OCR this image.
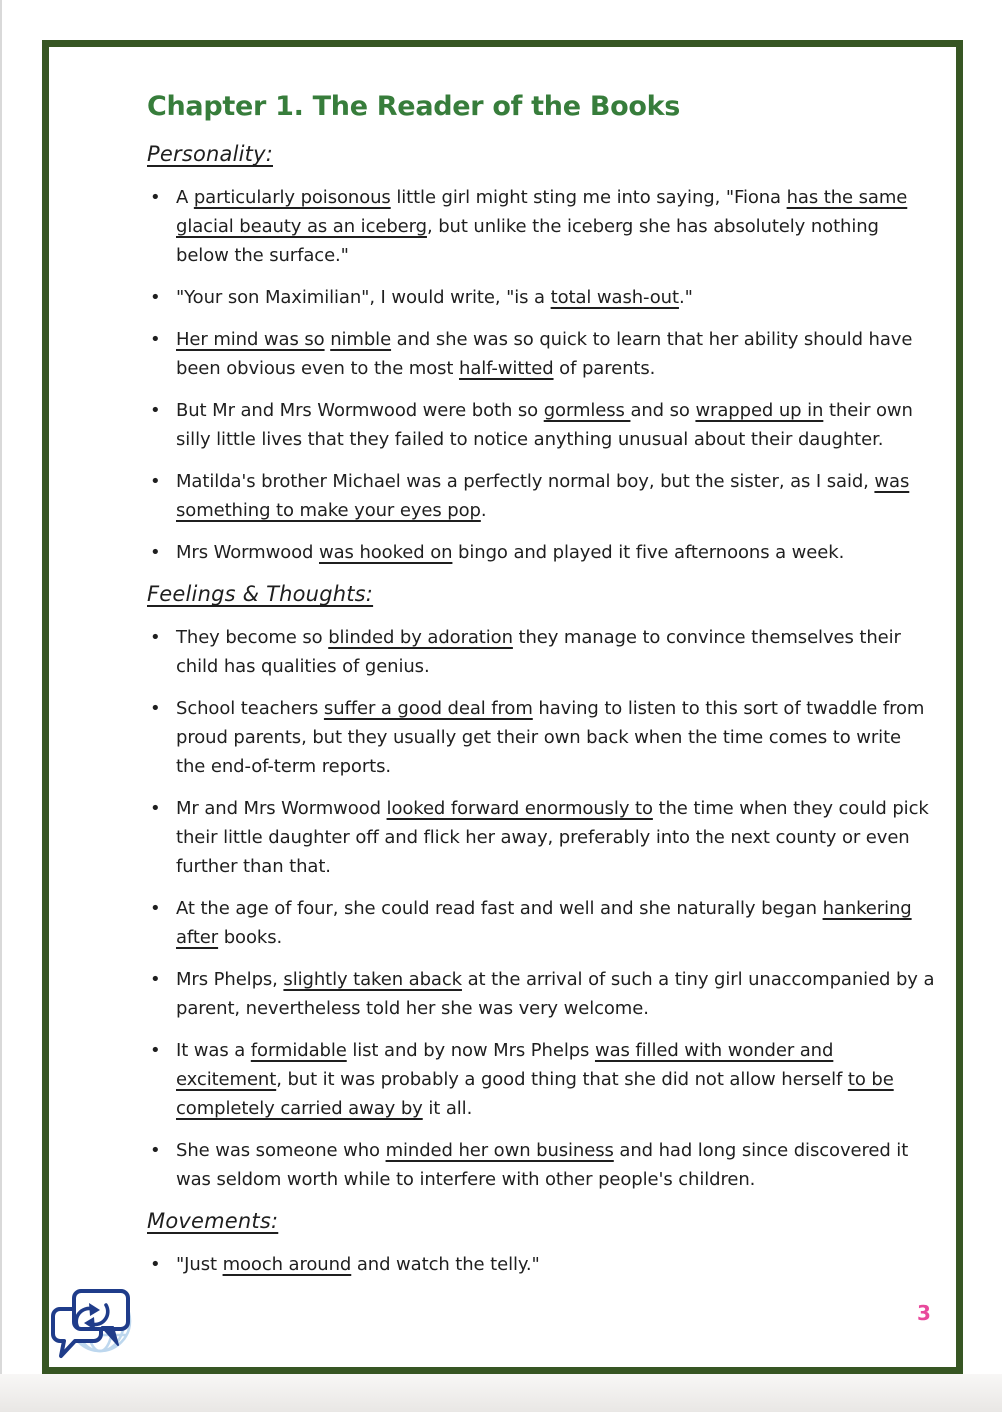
Chapter 1. The Reader of the Books
Personality:
• A particularly poisonous little girl might sting me into saying, "Fiona has the same glacial beauty as an iceberg, but unlike the iceberg she has absolutely nothing below the surface."
• "Your son Maximilian", I would write, "is a total wash-out."
• Her mind was so nimble and she was so quick to learn that her ability should have been obvious even to the most half-witted of parents.
• But Mr and Mrs Wormwood were both so gormless and so wrapped up in their own silly little lives that they failed to notice anything unusual about their daughter.
• Matilda's brother Michael was a perfectly normal boy, but the sister, as I said, was something to make your eyes pop.
• Mrs Wormwood was hooked on bingo and played it five afternoons a week.
Feelings & Thoughts:
• They become so blinded by adoration they manage to convince themselves their child has qualities of genius.
• School teachers suffer a good deal from having to listen to this sort of twaddle from proud parents, but they usually get their own back when the time comes to write the end-of-term reports.
• Mr and Mrs Wormwood looked forward enormously to the time when they could pick their little daughter off and flick her away, preferably into the next county or even further than that.
• At the age of four, she could read fast and well and she naturally began hankering after books.
• Mrs Phelps, slightly taken aback at the arrival of such a tiny girl unaccompanied by a parent, nevertheless told her she was very welcome.
• It was a formidable list and by now Mrs Phelps was filled with wonder and excitement, but it was probably a good thing that she did not allow herself to be completely carried away by it all.
• She was someone who minded her own business and had long since discovered it was seldom worth while to interfere with other people's children.
Movements:
• "Just mooch around and watch the telly."
3
